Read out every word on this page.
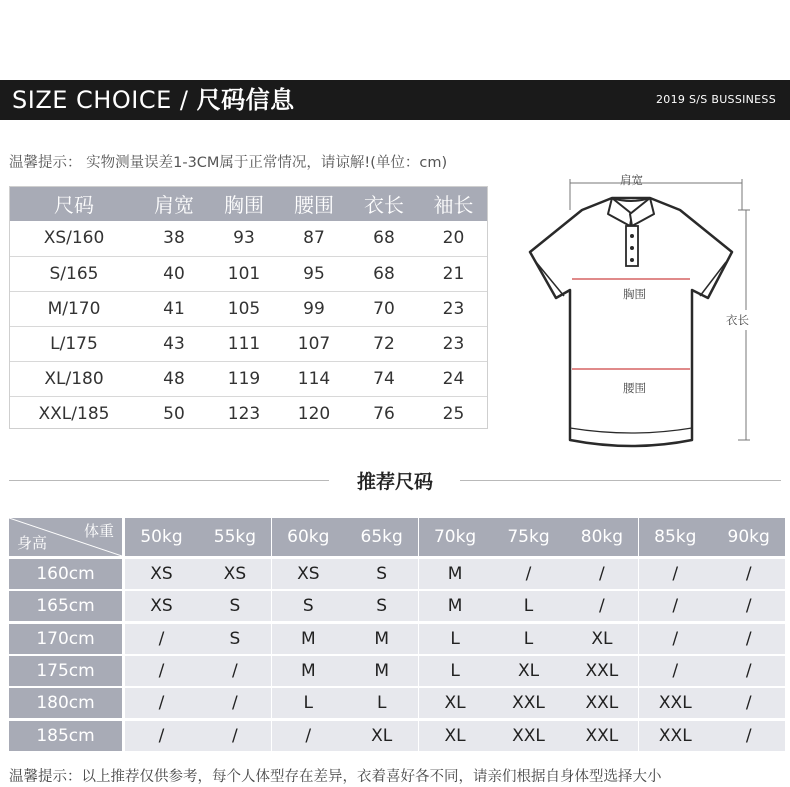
SIZE CHOICE / 尺码信息	2019 S/S BUSSINESS
温馨提示： 实物测量误差1-3CM属于正常情况，请谅解!(单位：cm)
尺码	肩宽	胸围	腰围	衣长	袖长
XS/160	38	93	87	68	20
S/165	40	101	95	68	21
M/170	41	105	99	70	23
L/175	43	111	107	72	23
XL/180	48	119	114	74	24
XXL/185	50	123	120	76	25
肩宽
胸围
腰围
衣长
推荐尺码
体重
身高	50kg	55kg	60kg	65kg	70kg	75kg	80kg	85kg	90kg
160cm	XS	XS	XS	S	M	/	/	/	/
165cm	XS	S	S	S	M	L	/	/	/
170cm	/	S	M	M	L	L	XL	/	/
175cm	/	/	M	M	L	XL	XXL	/	/
180cm	/	/	L	L	XL	XXL	XXL	XXL	/
185cm	/	/	/	XL	XL	XXL	XXL	XXL	/
温馨提示：以上推荐仅供参考，每个人体型存在差异，衣着喜好各不同，请亲们根据自身体型选择大小
